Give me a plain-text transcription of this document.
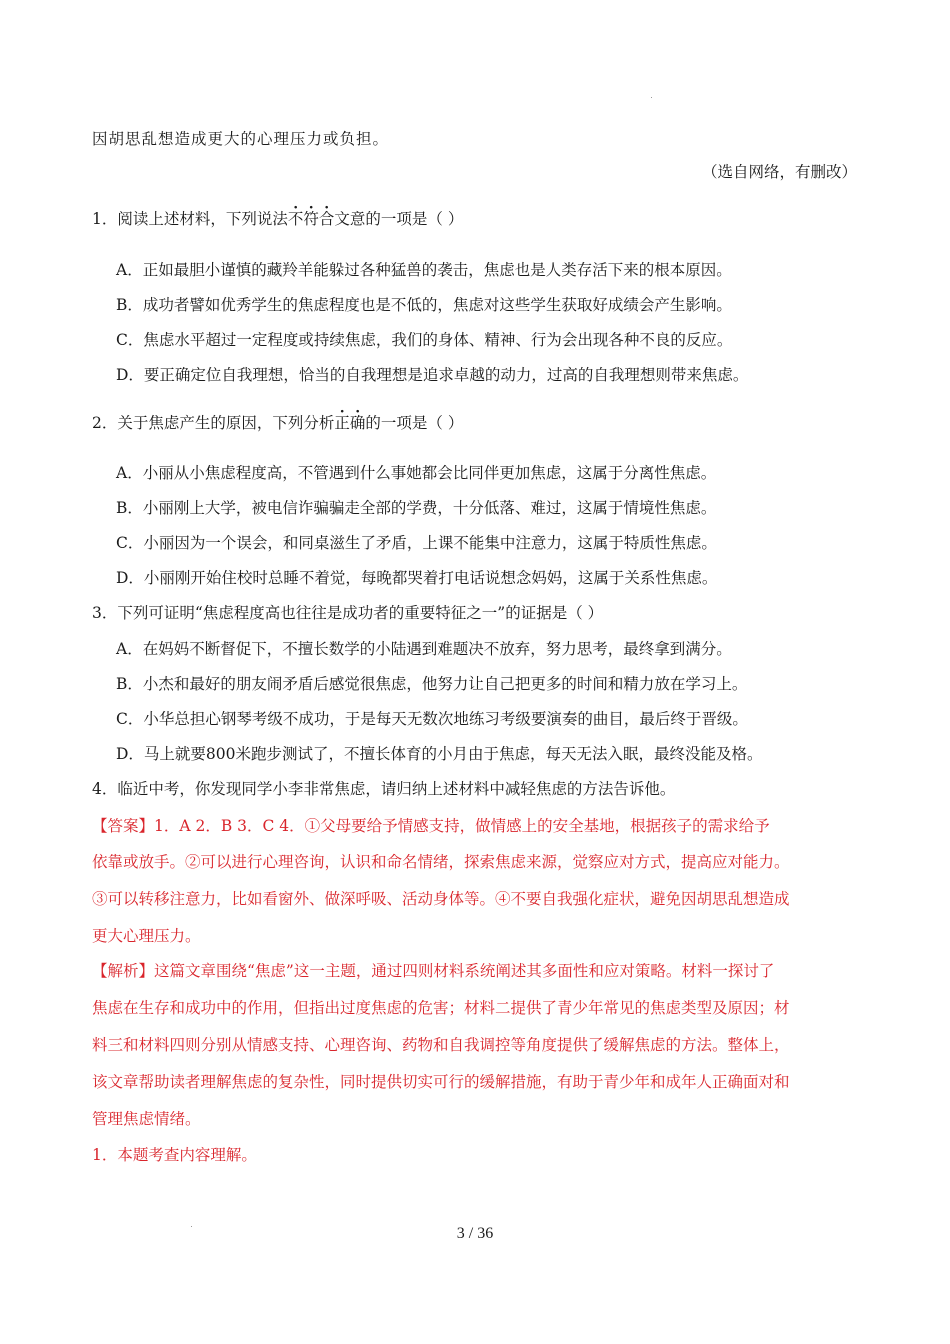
因胡思乱想造成更大的心理压力或负担。
（选自网络，有删改）
1．阅读上述材料，下列说法不符合文意的一项是（ ）
A．正如最胆小谨慎的藏羚羊能躲过各种猛兽的袭击，焦虑也是人类存活下来的根本原因。
B．成功者譬如优秀学生的焦虑程度也是不低的，焦虑对这些学生获取好成绩会产生影响。
C．焦虑水平超过一定程度或持续焦虑，我们的身体、精神、行为会出现各种不良的反应。
D．要正确定位自我理想，恰当的自我理想是追求卓越的动力，过高的自我理想则带来焦虑。
2．关于焦虑产生的原因，下列分析正确的一项是（ ）
A．小丽从小焦虑程度高，不管遇到什么事她都会比同伴更加焦虑，这属于分离性焦虑。
B．小丽刚上大学，被电信诈骗骗走全部的学费，十分低落、难过，这属于情境性焦虑。
C．小丽因为一个误会，和同桌滋生了矛盾，上课不能集中注意力，这属于特质性焦虑。
D．小丽刚开始住校时总睡不着觉，每晚都哭着打电话说想念妈妈，这属于关系性焦虑。
3．下列可证明“焦虑程度高也往往是成功者的重要特征之一”的证据是（ ）
A．在妈妈不断督促下，不擅长数学的小陆遇到难题决不放弃，努力思考，最终拿到满分。
B．小杰和最好的朋友闹矛盾后感觉很焦虑，他努力让自己把更多的时间和精力放在学习上。
C．小华总担心钢琴考级不成功，于是每天无数次地练习考级要演奏的曲目，最后终于晋级。
D．马上就要800米跑步测试了，不擅长体育的小月由于焦虑，每天无法入眠，最终没能及格。
4．临近中考，你发现同学小李非常焦虑，请归纳上述材料中减轻焦虑的方法告诉他。
【答案】1．A 2．B 3．C 4．①父母要给予情感支持，做情感上的安全基地，根据孩子的需求给予
依靠或放手。②可以进行心理咨询，认识和命名情绪，探索焦虑来源，觉察应对方式，提高应对能力。
③可以转移注意力，比如看窗外、做深呼吸、活动身体等。④不要自我强化症状，避免因胡思乱想造成
更大心理压力。
【解析】这篇文章围绕“焦虑”这一主题，通过四则材料系统阐述其多面性和应对策略。材料一探讨了
焦虑在生存和成功中的作用，但指出过度焦虑的危害；材料二提供了青少年常见的焦虑类型及原因；材
料三和材料四则分别从情感支持、心理咨询、药物和自我调控等角度提供了缓解焦虑的方法。整体上，
该文章帮助读者理解焦虑的复杂性，同时提供切实可行的缓解措施，有助于青少年和成年人正确面对和
管理焦虑情绪。
1．本题考查内容理解。
3 / 36
